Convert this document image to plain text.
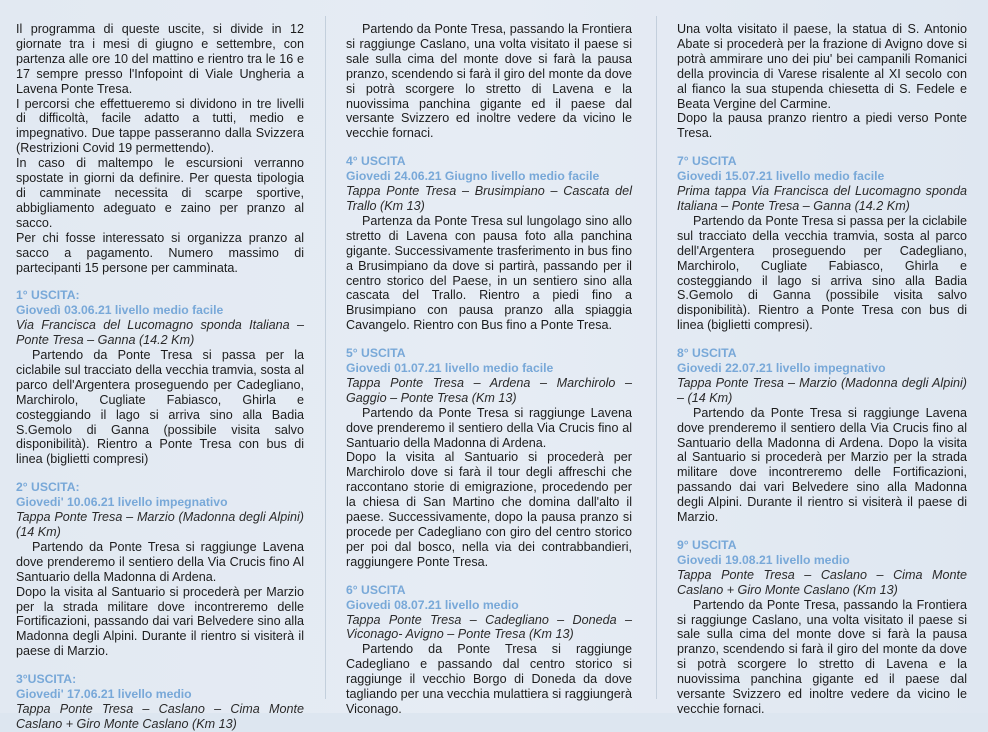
Il programma di queste uscite, si divide in 12 giornate tra i mesi di giugno e settembre, con partenza alle ore 10 del mattino e rientro tra le 16 e 17 sempre presso l'Infopoint di Viale Ungheria a Lavena Ponte Tresa.

I percorsi che effettueremo si dividono in tre livelli di difficoltà, facile adatto a tutti, medio e impegnativo. Due tappe passeranno dalla Svizzera (Restrizioni Covid 19 permettendo).

In caso di maltempo le escursioni verranno spostate in giorni da definire. Per questa tipologia di camminate necessita di scarpe sportive, abbigliamento adeguato e zaino per pranzo al sacco.

Per chi fosse interessato si organizza pranzo al sacco a pagamento. Numero massimo di partecipanti 15 persone per camminata.

1° USCITA:
Giovedì 03.06.21 livello medio facile
Via Francisca del Lucomagno sponda Italiana – Ponte Tresa – Ganna (14.2 Km)

Partendo da Ponte Tresa si passa per la ciclabile sul tracciato della vecchia tramvia, sosta al parco dell'Argentera proseguendo per Cadegliano, Marchirolo, Cugliate Fabiasco, Ghirla e costeggiando il lago si arriva sino alla Badia S.Gemolo di Ganna (possibile visita salvo disponibilità). Rientro a Ponte Tresa con bus di linea (biglietti compresi)

2° USCITA:
Giovedi' 10.06.21 livello impegnativo
Tappa Ponte Tresa – Marzio (Madonna degli Alpini) (14 Km)

Partendo da Ponte Tresa si raggiunge Lavena dove prenderemo il sentiero della Via Crucis fino Al Santuario della Madonna di Ardena.

Dopo la visita al Santuario si procederà per Marzio per la strada militare dove incontreremo delle Fortificazioni, passando dai vari Belvedere sino alla Madonna degli Alpini. Durante il rientro si visiterà il paese di Marzio.

3°USCITA:
Giovedi' 17.06.21 livello medio
Tappa Ponte Tresa – Caslano – Cima Monte Caslano + Giro Monte Caslano (Km 13)

Partendo da Ponte Tresa, passando la Frontiera si raggiunge Caslano, una volta visitato il paese si sale sulla cima del monte dove si farà la pausa pranzo, scendendo si farà il giro del monte da dove si potrà scorgere lo stretto di Lavena e la nuovissima panchina gigante ed il paese dal versante Svizzero ed inoltre vedere da vicino le vecchie fornaci.

4° USCITA
Giovedi 24.06.21 Giugno livello medio facile
Tappa Ponte Tresa – Brusimpiano – Cascata del Trallo (Km 13)

Partenza da Ponte Tresa sul lungolago sino allo stretto di Lavena con pausa foto alla panchina gigante. Successivamente trasferimento in bus fino a Brusimpiano da dove si partirà, passando per il centro storico del Paese, in un sentiero sino alla cascata del Trallo. Rientro a piedi fino a Brusimpiano con pausa pranzo alla spiaggia Cavangelo. Rientro con Bus fino a Ponte Tresa.

5° USCITA
Giovedi 01.07.21 livello medio facile
Tappa Ponte Tresa – Ardena – Marchirolo – Gaggio – Ponte Tresa (Km 13)

Partendo da Ponte Tresa si raggiunge Lavena dove prenderemo il sentiero della Via Crucis fino al Santuario della Madonna di Ardena.

Dopo la visita al Santuario si procederà per Marchirolo dove si farà il tour degli affreschi che raccontano storie di emigrazione, procedendo per la chiesa di San Martino che domina dall'alto il paese. Successivamente, dopo la pausa pranzo si procede per Cadegliano con giro del centro storico per poi dal bosco, nella via dei contrabbandieri, raggiungere Ponte Tresa.

6° USCITA
Giovedi 08.07.21 livello medio
Tappa Ponte Tresa – Cadegliano – Doneda – Viconago- Avigno – Ponte Tresa (Km 13)

Partendo da Ponte Tresa si raggiunge Cadegliano e passando dal centro storico si raggiunge il vecchio Borgo di Doneda da dove tagliando per una vecchia mulattiera si raggiungerà Viconago.

Una volta visitato il paese, la statua di S. Antonio Abate si procederà per la frazione di Avigno dove si potrà ammirare uno dei piu' bei campanili Romanici della provincia di Varese risalente al XI secolo con al fianco la sua stupenda chiesetta di S. Fedele e Beata Vergine del Carmine.

Dopo la pausa pranzo rientro a piedi verso Ponte Tresa.

7° USCITA
Giovedi 15.07.21 livello medio facile
Prima tappa Via Francisca del Lucomagno sponda Italiana – Ponte Tresa – Ganna (14.2 Km)

Partendo da Ponte Tresa si passa per la ciclabile sul tracciato della vecchia tramvia, sosta al parco dell'Argentera proseguendo per Cadegliano, Marchirolo, Cugliate Fabiasco, Ghirla e costeggiando il lago si arriva sino alla Badia S.Gemolo di Ganna (possibile visita salvo disponibilità). Rientro a Ponte Tresa con bus di linea (biglietti compresi).

8° USCITA
Giovedi 22.07.21 livello impegnativo
Tappa Ponte Tresa – Marzio (Madonna degli Alpini) – (14 Km)

Partendo da Ponte Tresa si raggiunge Lavena dove prenderemo il sentiero della Via Crucis fino al Santuario della Madonna di Ardena. Dopo la visita al Santuario si procederà per Marzio per la strada militare dove incontreremo delle Fortificazioni, passando dai vari Belvedere sino alla Madonna degli Alpini. Durante il rientro si visiterà il paese di Marzio.

9° USCITA
Giovedi 19.08.21 livello medio
Tappa Ponte Tresa – Caslano – Cima Monte Caslano + Giro Monte Caslano (Km 13)

Partendo da Ponte Tresa, passando la Frontiera si raggiunge Caslano, una volta visitato il paese si sale sulla cima del monte dove si farà la pausa pranzo, scendendo si farà il giro del monte da dove si potrà scorgere lo stretto di Lavena e la nuovissima panchina gigante ed il paese dal versante Svizzero ed inoltre vedere da vicino le vecchie fornaci.
